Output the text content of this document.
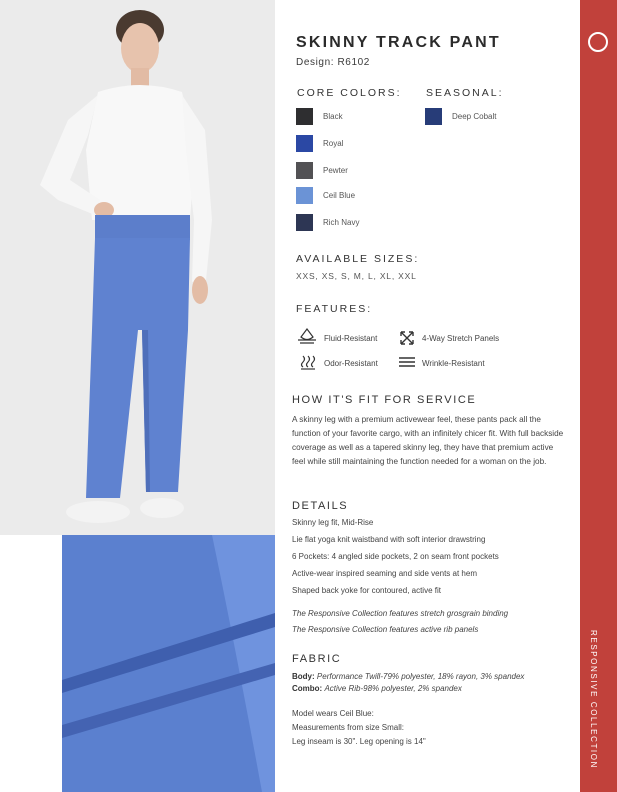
RESPONSIVE COLLECTION
SKINNY TRACK PANT
Design: R6102
CORE COLORS: SEASONAL:
Black
Royal
Pewter
Ceil Blue
Rich Navy
Deep Cobalt
AVAILABLE SIZES:
XXS, XS, S, M, L, XL, XXL
FEATURES:
Fluid-Resistant	4-Way Stretch Panels
Odor-Resistant	Wrinkle-Resistant
HOW IT'S FIT FOR SERVICE
A skinny leg with a premium activewear feel, these pants pack all the function of your favorite cargo, with an infinitely chicer fit. With full backside coverage as well as a tapered skinny leg, they have that premium active feel while still maintaining the function needed for a woman on the job.
DETAILS
Skinny leg fit, Mid-Rise
Lie flat yoga knit waistband with soft interior drawstring
6 Pockets: 4 angled side pockets, 2 on seam front pockets
Active-wear inspired seaming and side vents at hem
Shaped back yoke for contoured, active fit
The Responsive Collection features stretch grosgrain binding
The Responsive Collection features active rib panels
FABRIC
Body: Performance Twill-79% polyester, 18% rayon, 3% spandex
Combo: Active Rib-98% polyester, 2% spandex
Model wears Ceil Blue:
Measurements from size Small:
Leg inseam is 30". Leg opening is 14"
